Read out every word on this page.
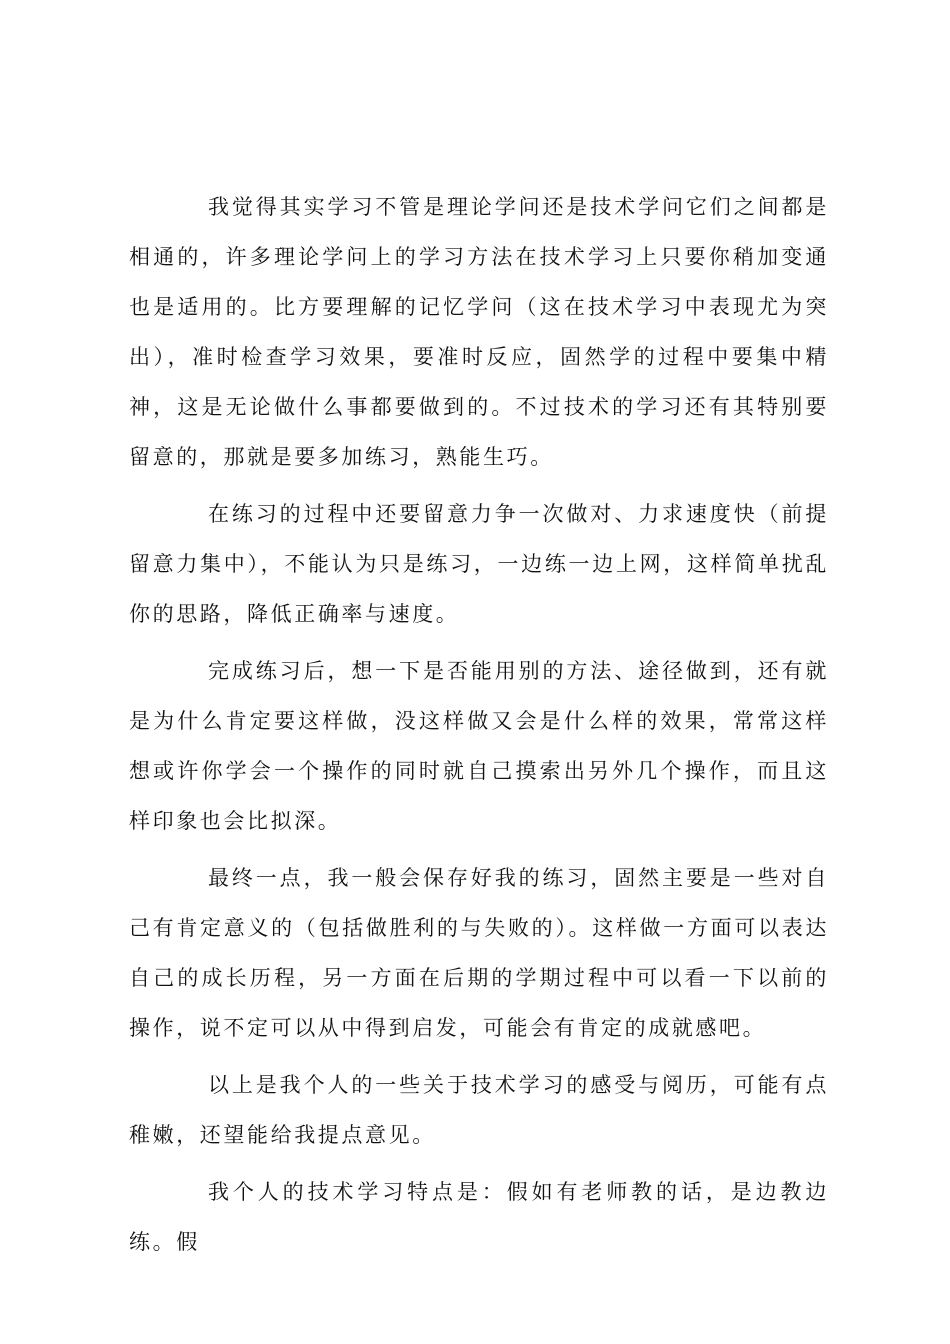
我觉得其实学习不管是理论学问还是技术学问它们之间都是相通的，许多理论学问上的学习方法在技术学习上只要你稍加变通也是适用的。比方要理解的记忆学问（这在技术学习中表现尤为突出），准时检查学习效果，要准时反应，固然学的过程中要集中精神，这是无论做什么事都要做到的。不过技术的学习还有其特别要留意的，那就是要多加练习，熟能生巧。

在练习的过程中还要留意力争一次做对、力求速度快（前提留意力集中），不能认为只是练习，一边练一边上网，这样简单扰乱你的思路，降低正确率与速度。

完成练习后，想一下是否能用别的方法、途径做到，还有就是为什么肯定要这样做，没这样做又会是什么样的效果，常常这样想或许你学会一个操作的同时就自己摸索出另外几个操作，而且这样印象也会比拟深。

最终一点，我一般会保存好我的练习，固然主要是一些对自己有肯定意义的（包括做胜利的与失败的）。这样做一方面可以表达自己的成长历程，另一方面在后期的学期过程中可以看一下以前的操作，说不定可以从中得到启发，可能会有肯定的成就感吧。

以上是我个人的一些关于技术学习的感受与阅历，可能有点稚嫩，还望能给我提点意见。

我个人的技术学习特点是：假如有老师教的话，是边教边练。假
